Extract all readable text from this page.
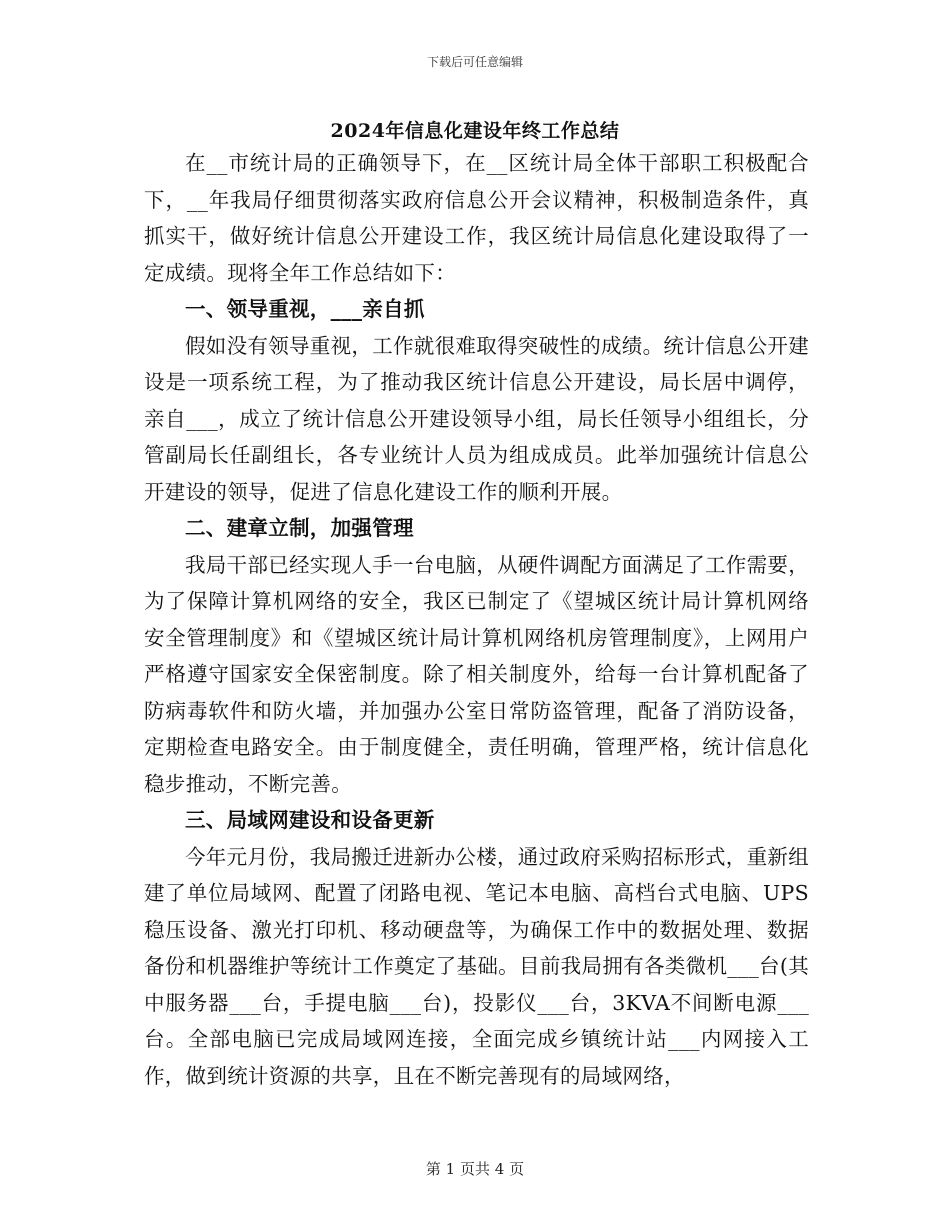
下载后可任意编辑
2024年信息化建设年终工作总结

在__市统计局的正确领导下，在__区统计局全体干部职工积极配合下，__年我局仔细贯彻落实政府信息公开会议精神，积极制造条件，真抓实干，做好统计信息公开建设工作，我区统计局信息化建设取得了一定成绩。现将全年工作总结如下：

一、领导重视，___亲自抓

假如没有领导重视，工作就很难取得突破性的成绩。统计信息公开建设是一项系统工程，为了推动我区统计信息公开建设，局长居中调停，亲自___，成立了统计信息公开建设领导小组，局长任领导小组组长，分管副局长任副组长，各专业统计人员为组成成员。此举加强统计信息公开建设的领导，促进了信息化建设工作的顺利开展。

二、建章立制，加强管理

我局干部已经实现人手一台电脑，从硬件调配方面满足了工作需要，为了保障计算机网络的安全，我区已制定了《望城区统计局计算机网络安全管理制度》和《望城区统计局计算机网络机房管理制度》，上网用户严格遵守国家安全保密制度。除了相关制度外，给每一台计算机配备了防病毒软件和防火墙，并加强办公室日常防盗管理，配备了消防设备，定期检查电路安全。由于制度健全，责任明确，管理严格，统计信息化稳步推动，不断完善。

三、局域网建设和设备更新

今年元月份，我局搬迁进新办公楼，通过政府采购招标形式，重新组建了单位局域网、配置了闭路电视、笔记本电脑、高档台式电脑、UPS稳压设备、激光打印机、移动硬盘等，为确保工作中的数据处理、数据备份和机器维护等统计工作奠定了基础。目前我局拥有各类微机___台(其中服务器___台，手提电脑___台)，投影仪___台，3KVA不间断电源___台。全部电脑已完成局域网连接，全面完成乡镇统计站___内网接入工作，做到统计资源的共享，且在不断完善现有的局域网络，

第 1 页共 4 页
